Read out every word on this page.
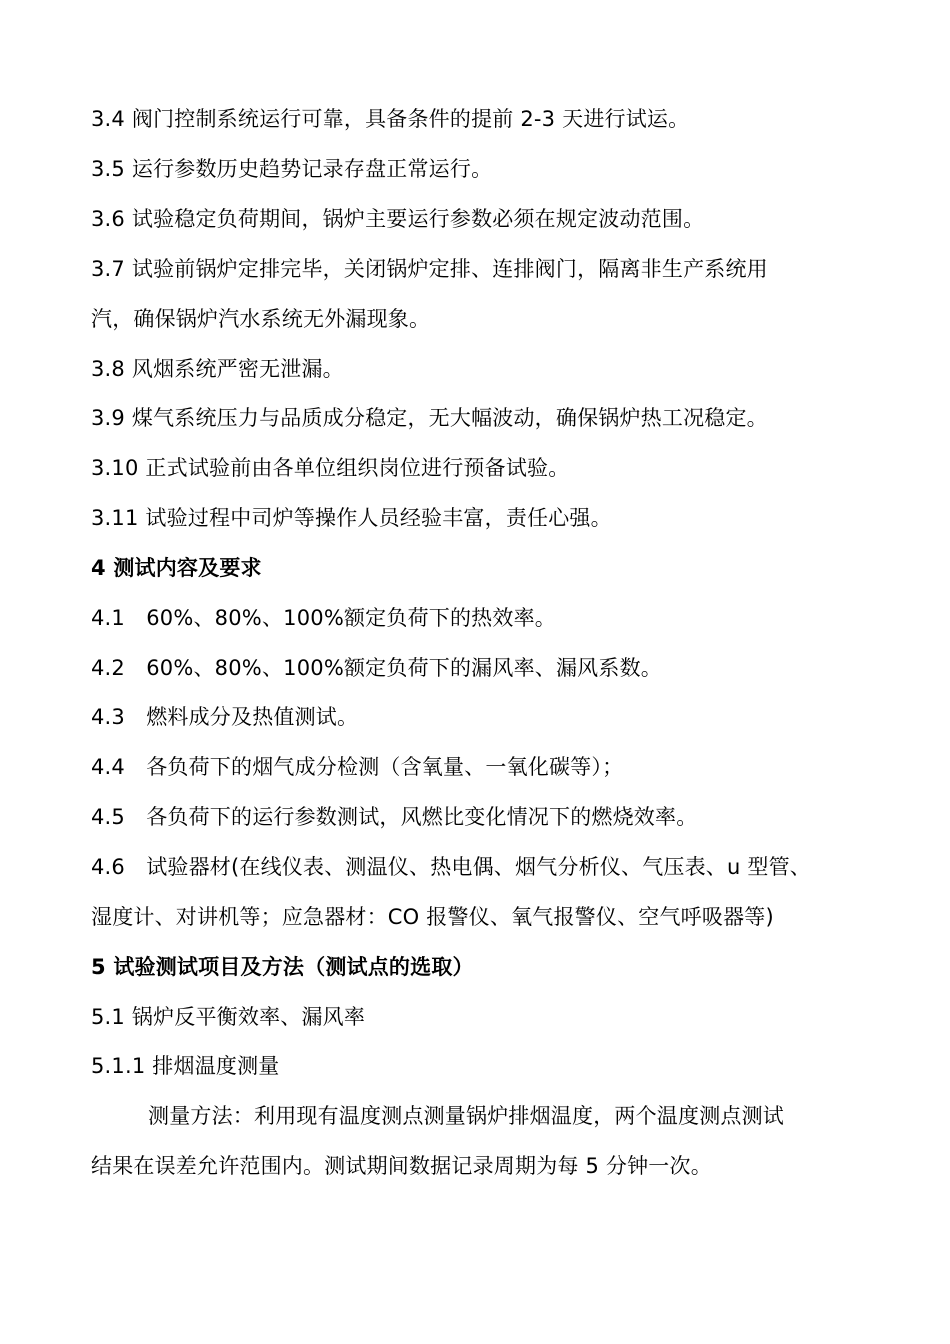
3.4 阀门控制系统运行可靠，具备条件的提前 2-3 天进行试运。
3.5 运行参数历史趋势记录存盘正常运行。
3.6 试验稳定负荷期间，锅炉主要运行参数必须在规定波动范围。
3.7 试验前锅炉定排完毕，关闭锅炉定排、连排阀门，隔离非生产系统用
汽，确保锅炉汽水系统无外漏现象。
3.8 风烟系统严密无泄漏。
3.9 煤气系统压力与品质成分稳定，无大幅波动，确保锅炉热工况稳定。
3.10 正式试验前由各单位组织岗位进行预备试验。
3.11 试验过程中司炉等操作人员经验丰富，责任心强。
4 测试内容及要求
4.1　60%、80%、100%额定负荷下的热效率。
4.2　60%、80%、100%额定负荷下的漏风率、漏风系数。
4.3　燃料成分及热值测试。
4.4　各负荷下的烟气成分检测（含氧量、一氧化碳等）；
4.5　各负荷下的运行参数测试，风燃比变化情况下的燃烧效率。
4.6　试验器材(在线仪表、测温仪、热电偶、烟气分析仪、气压表、u 型管、
湿度计、对讲机等；应急器材：CO 报警仪、氧气报警仪、空气呼吸器等)
5 试验测试项目及方法（测试点的选取）
5.1 锅炉反平衡效率、漏风率
5.1.1 排烟温度测量
测量方法：利用现有温度测点测量锅炉排烟温度，两个温度测点测试
结果在误差允许范围内。测试期间数据记录周期为每 5 分钟一次。
